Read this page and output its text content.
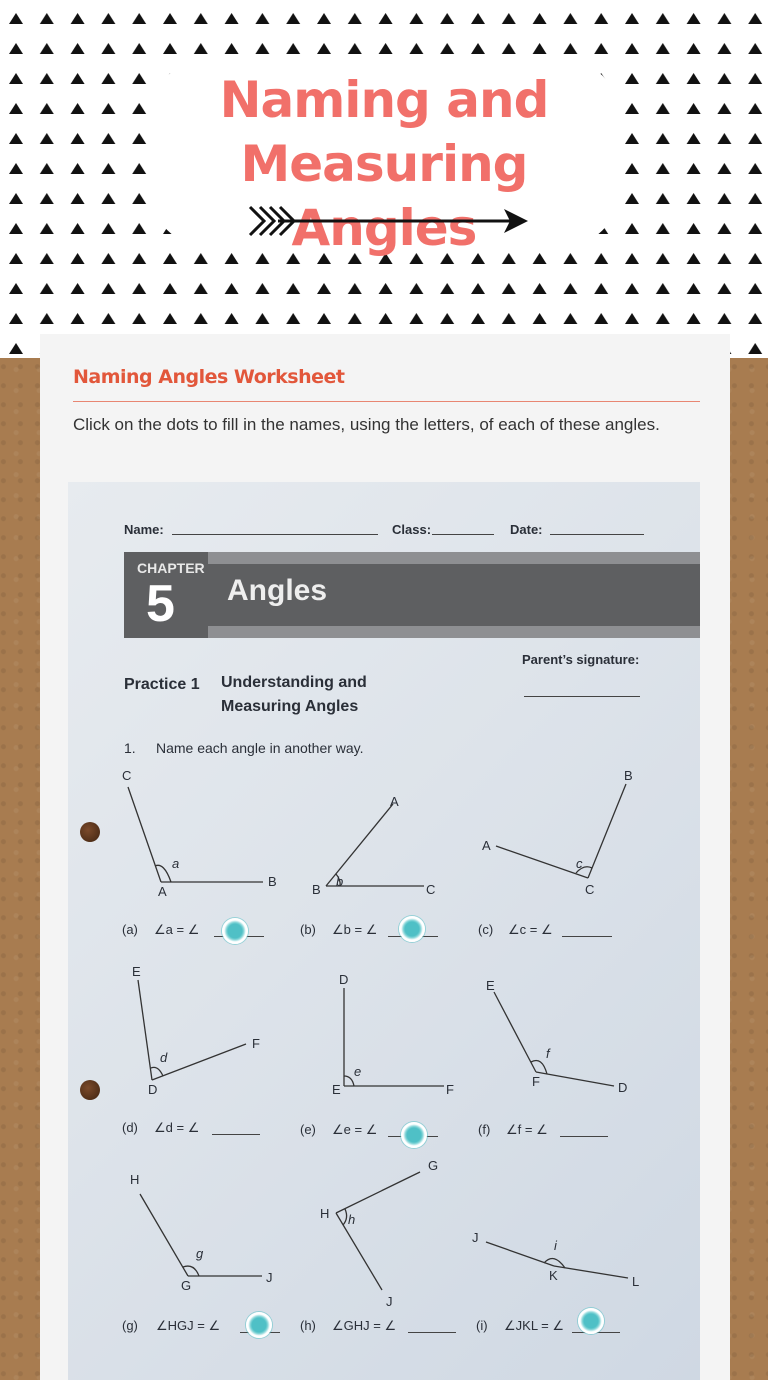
Naming and Measuring
Angles
Naming Angles Worksheet
Click on the dots to fill in the names, using the letters, of each of these angles.
Name:	Class:	Date:
CHAPTER
5 Angles
Parent’s signature:
Practice 1 Understanding and
Measuring Angles
1. Name each angle in another way.
C
A
B
a
A
B	C
b
B
A
C
c
E
F
D
d
D
E	F
e
E
F	D
f
H
G
J
g
G
H
J
h
J
K	L
i
(a) ∠a = ∠	(b) ∠b = ∠	(c) ∠c = ∠
(d) ∠d = ∠	(e) ∠e = ∠	(f) ∠f = ∠
(g) ∠HGJ = ∠	(h) ∠GHJ = ∠	(i) ∠JKL = ∠
